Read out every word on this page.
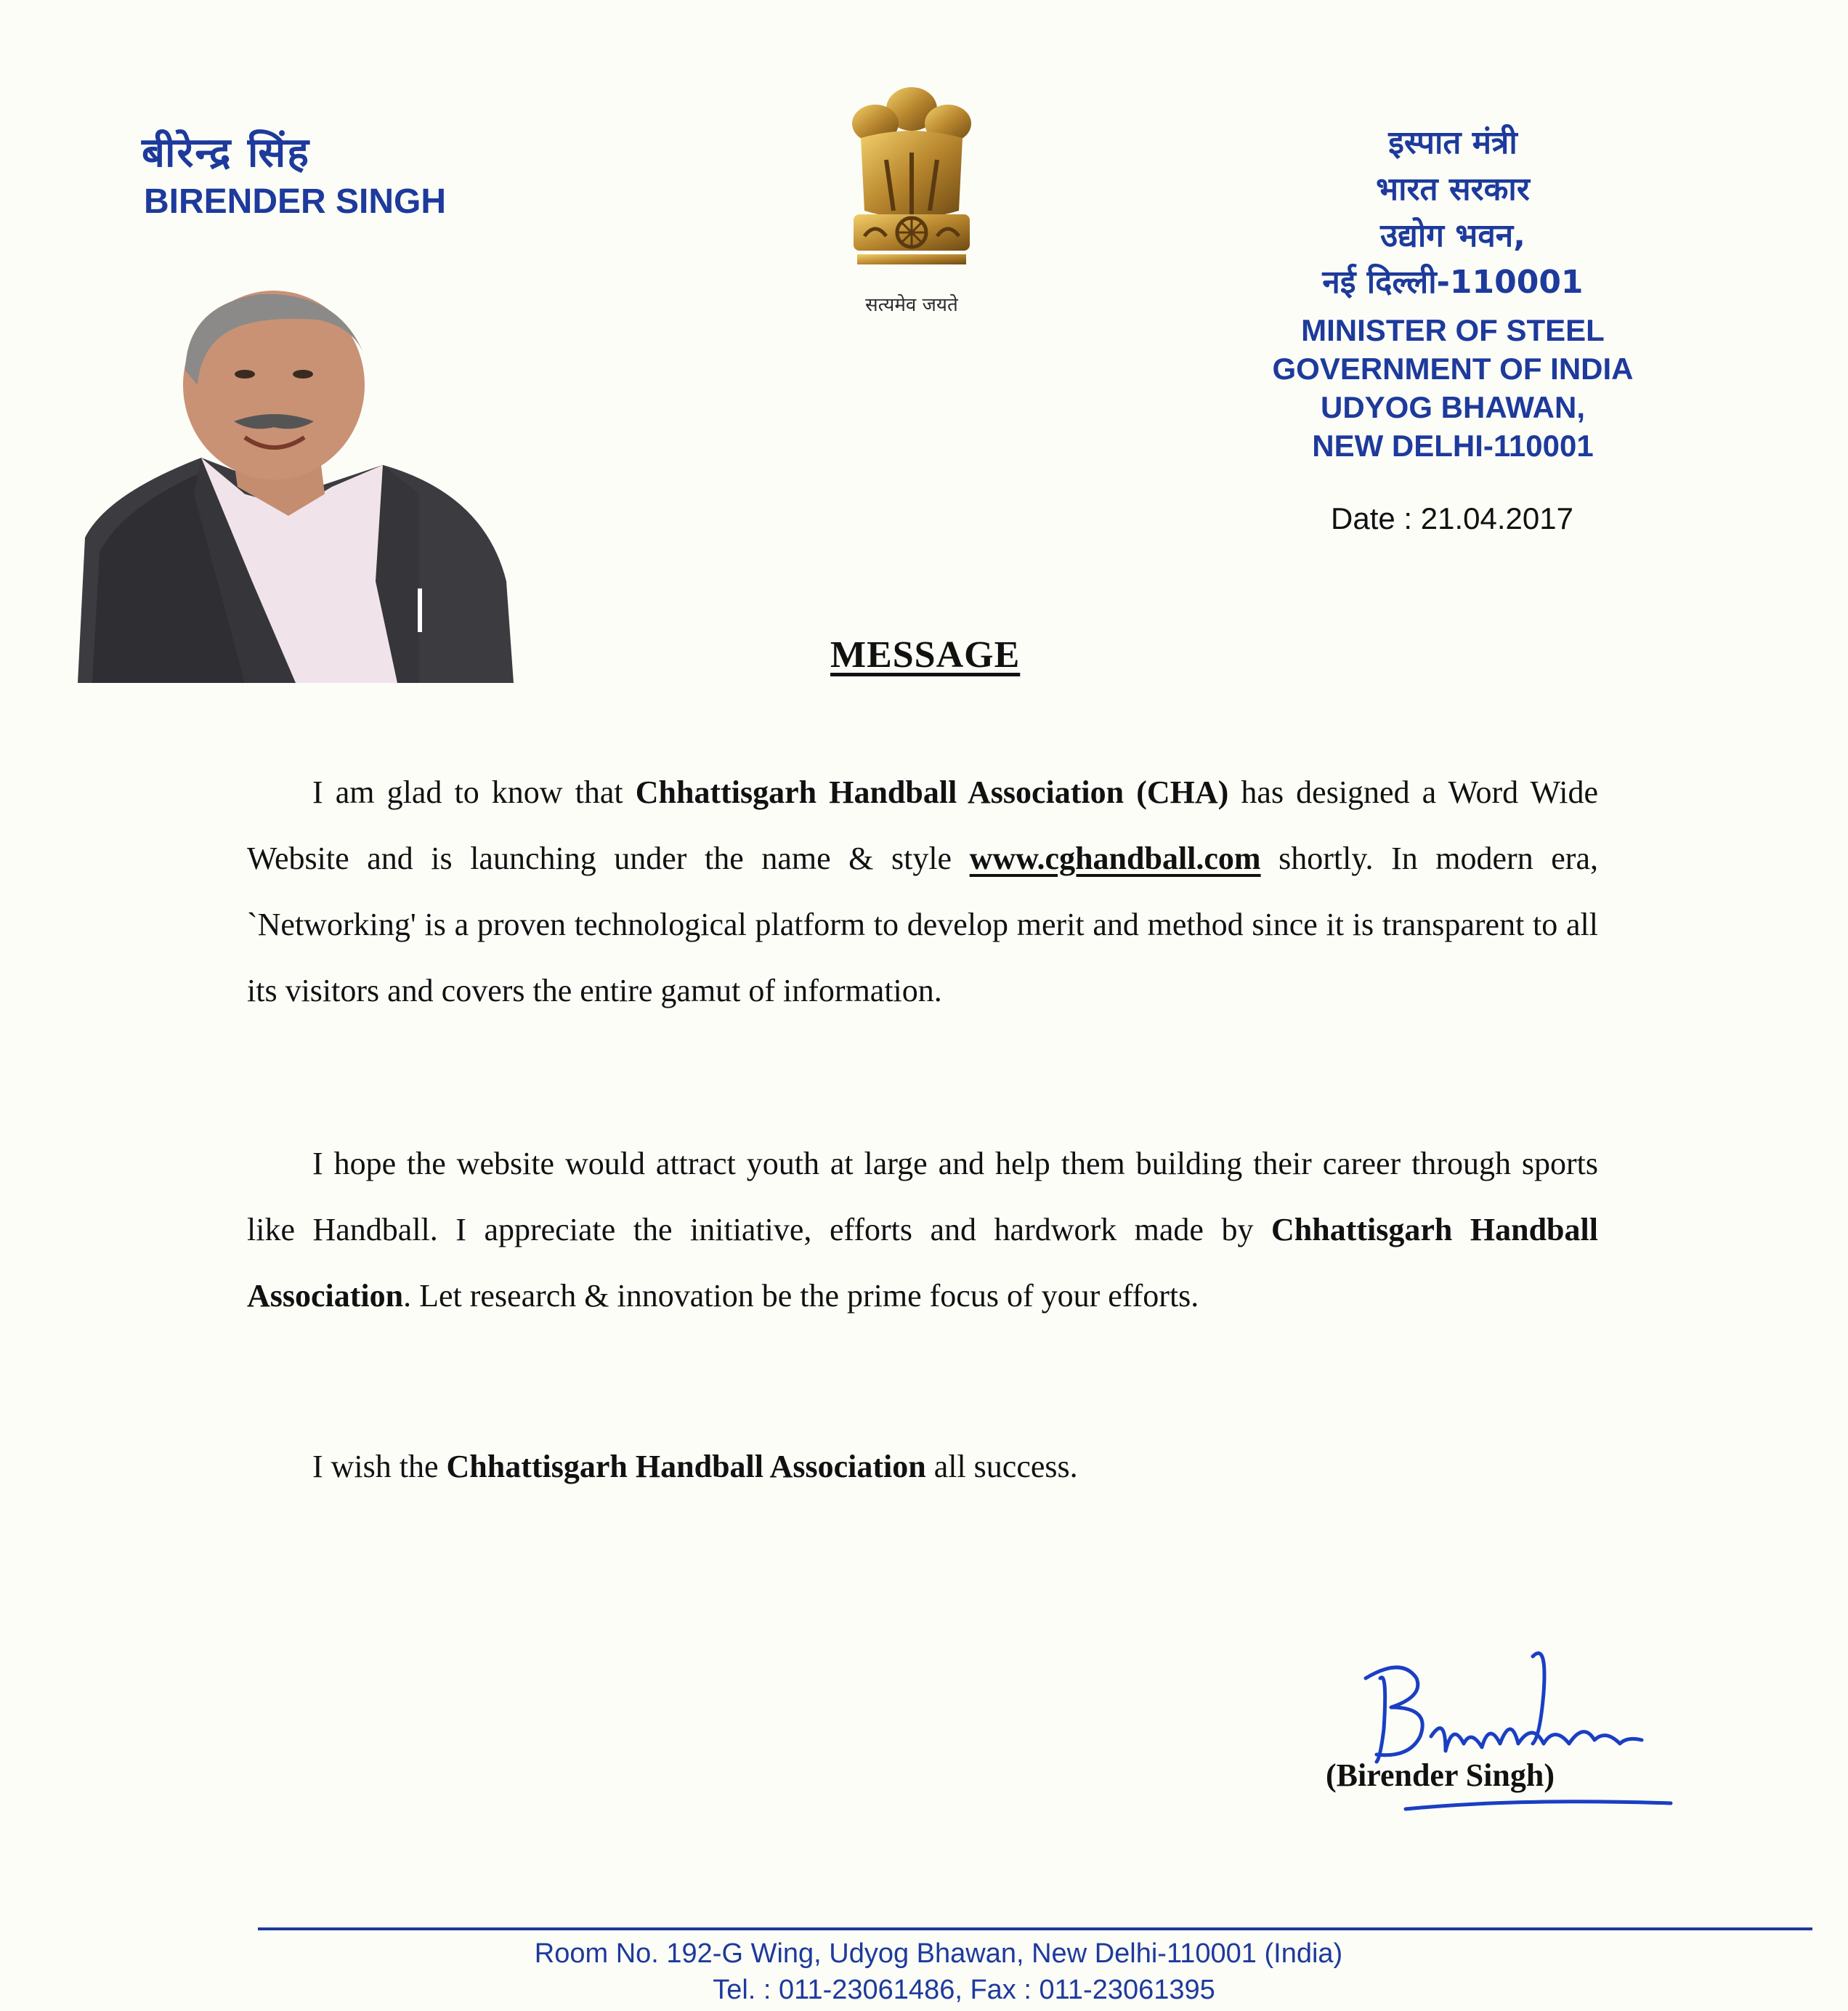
बीरेन्द्र सिंह
BIRENDER SINGH
सत्यमेव जयते
इस्पात मंत्री
भारत सरकार
उद्योग भवन,
नई दिल्ली-110001
MINISTER OF STEEL
GOVERNMENT OF INDIA
UDYOG BHAWAN,
NEW DELHI-110001
Date : 21.04.2017
MESSAGE
I am glad to know that Chhattisgarh Handball Association (CHA) has designed a Word Wide Website and is launching under the name & style www.cghandball.com shortly. In modern era, `Networking' is a proven technological platform to develop merit and method since it is transparent to all its visitors and covers the entire gamut of information.
I hope the website would attract youth at large and help them building their career through sports like Handball. I appreciate the initiative, efforts and hardwork made by Chhattisgarh Handball Association. Let research & innovation be the prime focus of your efforts.
I wish the Chhattisgarh Handball Association all success.
(Birender Singh)
Room No. 192-G Wing, Udyog Bhawan, New Delhi-110001 (India)
Tel. : 011-23061486, Fax : 011-23061395
